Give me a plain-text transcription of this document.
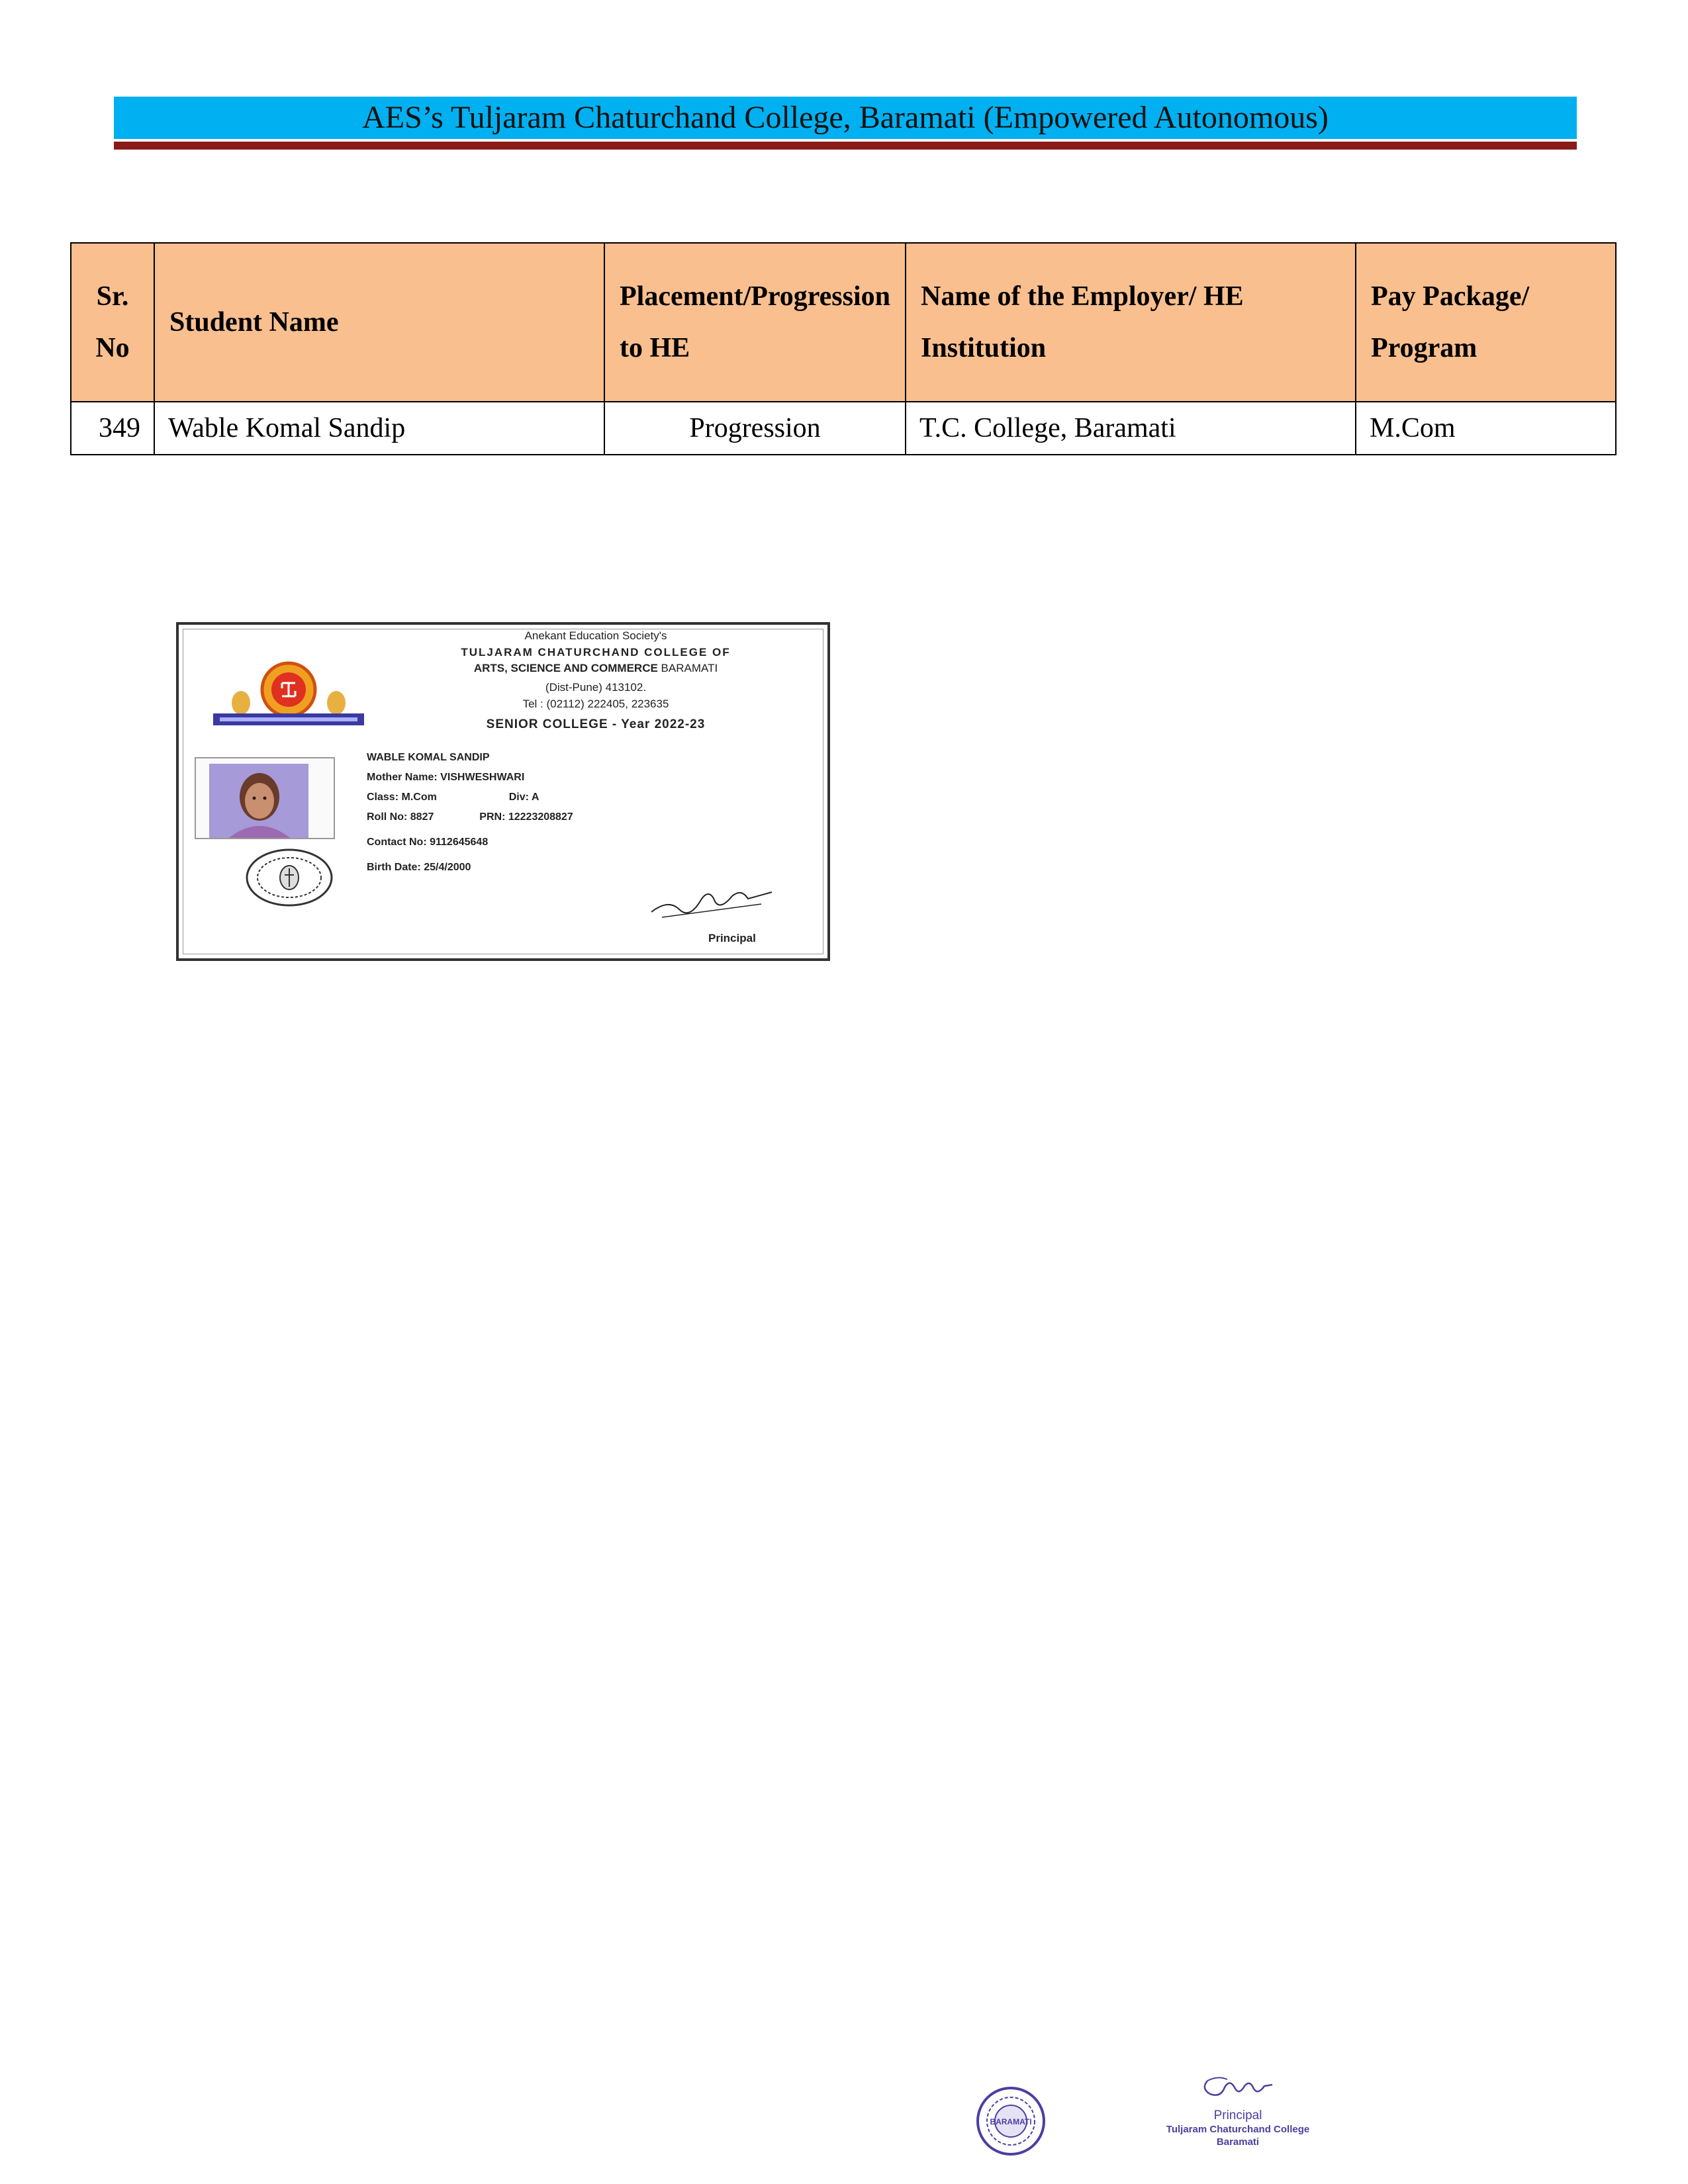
AES’s Tuljaram Chaturchand College, Baramati (Empowered Autonomous)
Sr. No	Student Name	Placement/Progression to HE	Name of the Employer/ HE Institution	Pay Package/ Program
349	Wable Komal Sandip	Progression	T.C. College, Baramati	M.Com
Anekant Education Society's
TULJARAM CHATURCHAND COLLEGE OF
ARTS, SCIENCE AND COMMERCE BARAMATI
(Dist-Pune) 413102.
Tel : (02112) 222405, 223635
SENIOR COLLEGE - Year 2022-23
WABLE KOMAL SANDIP
Mother Name: VISHWESHWARI
Class: M.Com	Div: A
Roll No: 8827	PRN: 12223208827
Contact No: 9112645648
Birth Date: 25/4/2000
Principal
BARAMATI	Principal
Tuljaram Chaturchand College
Baramati
